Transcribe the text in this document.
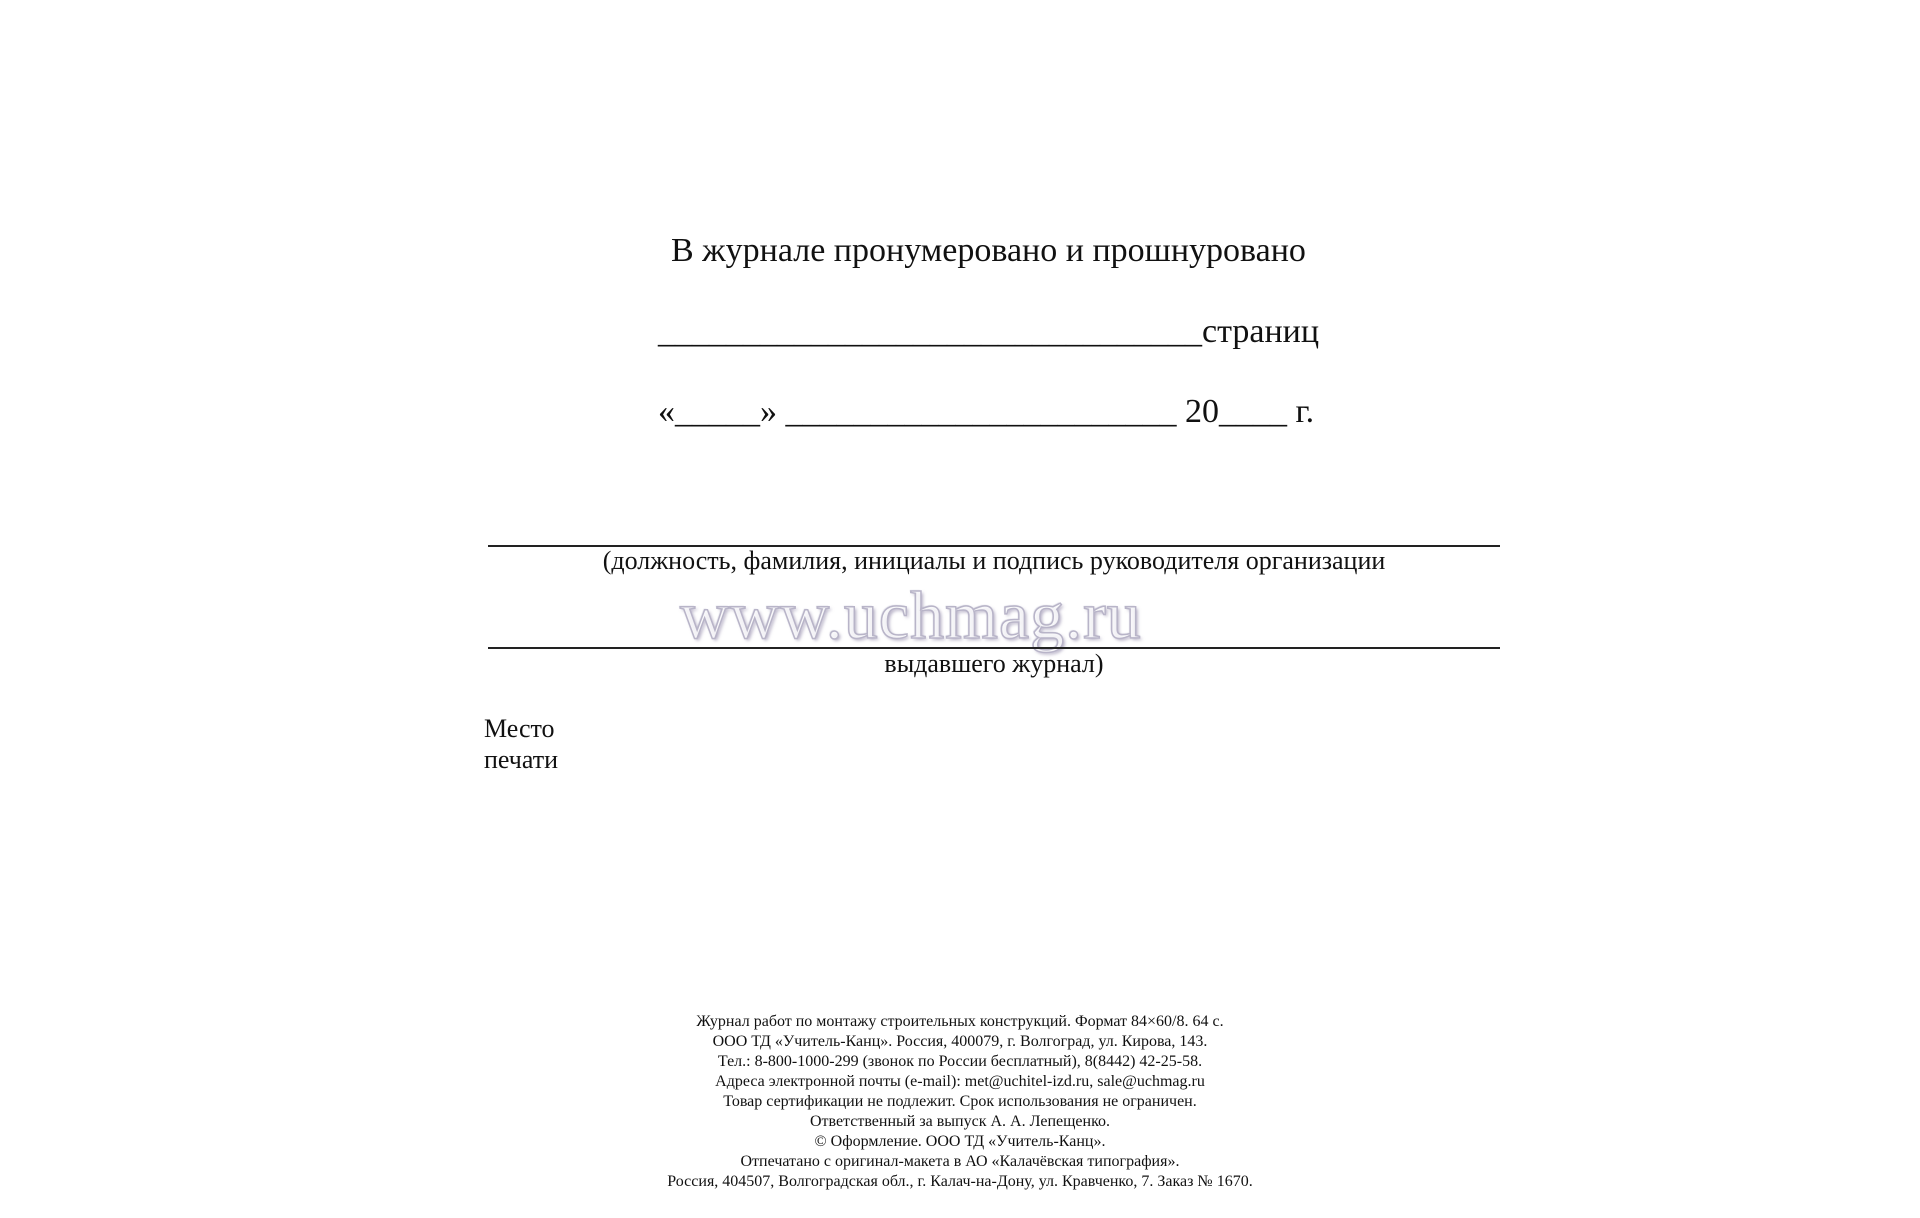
В журнале пронумеровано и прошнуровано
________________________________страниц
«_____» _______________________ 20____ г.
(должность, фамилия, инициалы и подпись руководителя организации
www.uchmag.ru
выдавшего журнал)
Место
печати
Журнал работ по монтажу строительных конструкций. Формат 84×60/8. 64 с.
ООО ТД «Учитель-Канц». Россия, 400079, г. Волгоград, ул. Кирова, 143.
Тел.: 8-800-1000-299 (звонок по России бесплатный), 8(8442) 42-25-58.
Адреса электронной почты (e-mail): met@uchitel-izd.ru, sale@uchmag.ru
Товар сертификации не подлежит. Срок использования не ограничен.
Ответственный за выпуск А. А. Лепещенко.
© Оформление. ООО ТД «Учитель-Канц».
Отпечатано с оригинал-макета в АО «Калачёвская типография».
Россия, 404507, Волгоградская обл., г. Калач-на-Дону, ул. Кравченко, 7. Заказ № 1670.
